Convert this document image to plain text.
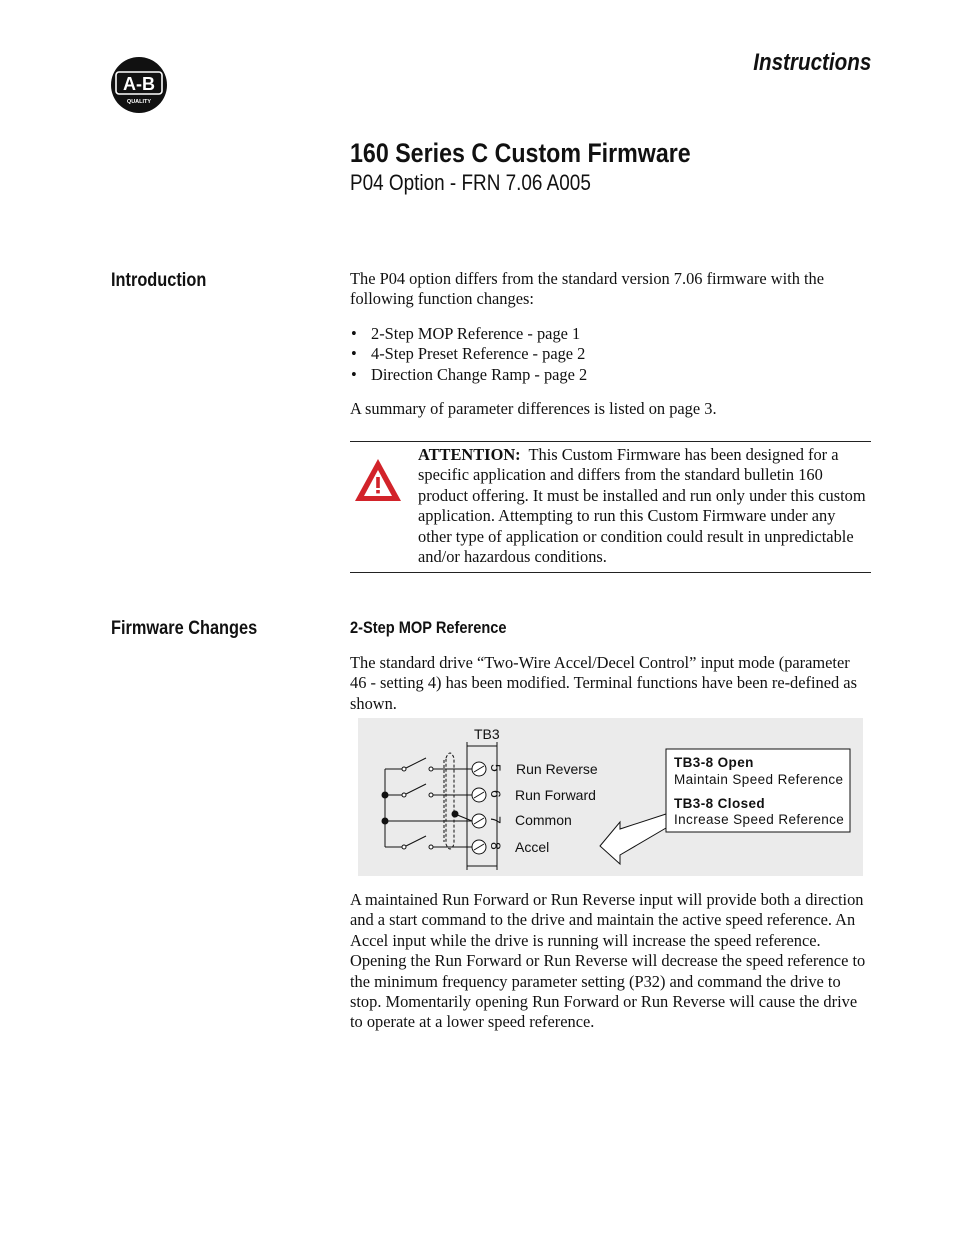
A-B
QUALITY
Instructions
160 Series C Custom Firmware
P04 Option - FRN 7.06 A005
Introduction	The P04 option differs from the standard version 7.06 firmware with the following function changes:
• 2-Step MOP Reference - page 1
• 4-Step Preset Reference - page 2
• Direction Change Ramp - page 2
A summary of parameter differences is listed on page 3.
ATTENTION: This Custom Firmware has been designed for a specific application and differs from the standard bulletin 160 product offering. It must be installed and run only under this custom application. Attempting to run this Custom Firmware under any other type of application or condition could result in unpredictable and/or hazardous conditions.
Firmware Changes	2-Step MOP Reference
The standard drive “Two-Wire Accel/Decel Control” input mode (parameter 46 - setting 4) has been modified. Terminal functions have been re-defined as shown.
TB3
5
6
7
8
Run Reverse
Run Forward
Common
Accel
TB3-8 Open
Maintain Speed Reference
TB3-8 Closed
Increase Speed Reference
A maintained Run Forward or Run Reverse input will provide both a direction and a start command to the drive and maintain the active speed reference. An Accel input while the drive is running will increase the speed reference. Opening the Run Forward or Run Reverse will decrease the speed reference to the minimum frequency parameter setting (P32) and command the drive to stop. Momentarily opening Run Forward or Run Reverse will cause the drive to operate at a lower speed reference.
